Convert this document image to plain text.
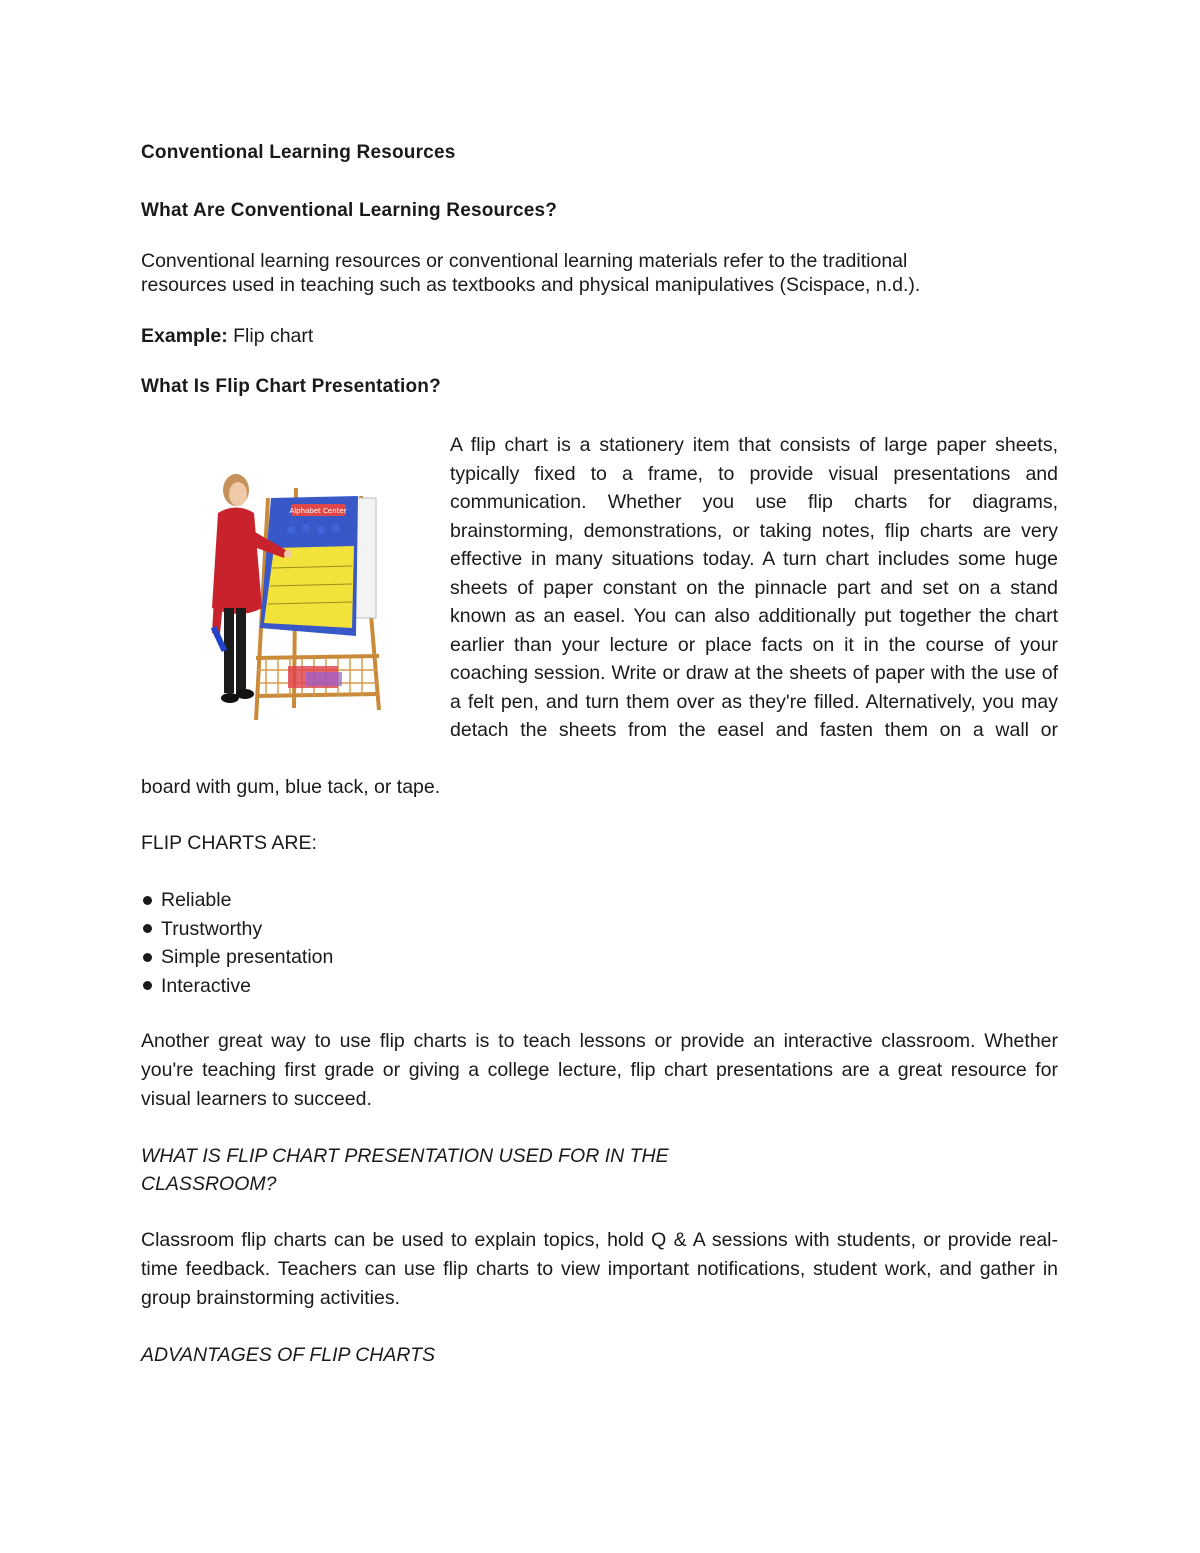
Conventional Learning Resources
What Are Conventional Learning Resources?

Conventional learning resources or conventional learning materials refer to the traditional

resources used in teaching such as textbooks and physical manipulatives (Scispace, n.d.).

Example: Flip chart

What Is Flip Chart Presentation?
Alphabet Center

A flip chart is a stationery item that consists of large paper sheets, typically fixed to a frame, to provide visual presentations and communication. Whether you use flip charts for diagrams, brainstorming, demonstrations, or taking notes, flip charts are very effective in many situations today. A turn chart includes some huge sheets of paper constant on the pinnacle part and set on a stand known as an easel. You can also additionally put together the chart earlier than your lecture or place facts on it in the course of your coaching session. Write or draw at the sheets of paper with the use of a felt pen, and turn them over as they're filled. Alternatively, you may detach the sheets from the easel and fasten them on a wall or

board with gum, blue tack, or tape.

FLIP CHARTS ARE:

Reliable
Trustworthy
Simple presentation
Interactive

Another great way to use flip charts is to teach lessons or provide an interactive classroom. Whether you're teaching first grade or giving a college lecture, flip chart presentations are a great resource for visual learners to succeed.

WHAT IS FLIP CHART PRESENTATION USED FOR IN THE

CLASSROOM?

Classroom flip charts can be used to explain topics, hold Q & A sessions with students, or provide real-time feedback. Teachers can use flip charts to view important notifications, student work, and gather in group brainstorming activities.

ADVANTAGES OF FLIP CHARTS
